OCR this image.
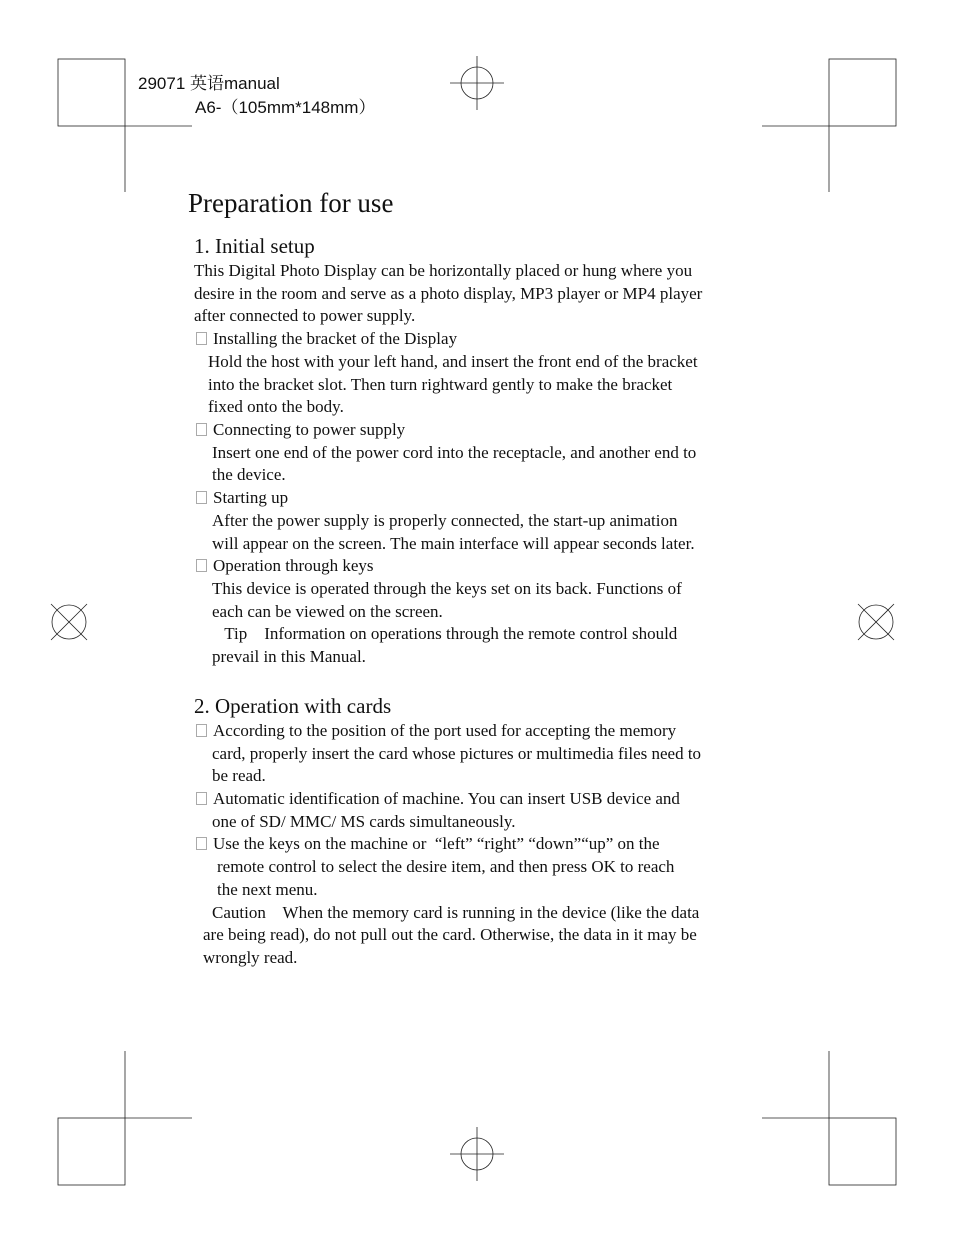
29071 英语manual
A6-（105mm*148mm）
Preparation for use
1. Initial setup
This Digital Photo Display can be horizontally placed or hung where you
desire in the room and serve as a photo display, MP3 player or MP4 player
after connected to power supply.
Installing the bracket of the Display
Hold the host with your left hand, and insert the front end of the bracket
into the bracket slot. Then turn rightward gently to make the bracket
fixed onto the body.
Connecting to power supply
Insert one end of the power cord into the receptacle, and another end to
the device.
Starting up
After the power supply is properly connected, the start-up animation
will appear on the screen. The main interface will appear seconds later.
Operation through keys
This device is operated through the keys set on its back. Functions of
each can be viewed on the screen.
Tip    Information on operations through the remote control should
prevail in this Manual.
2. Operation with cards
According to the position of the port used for accepting the memory
card, properly insert the card whose pictures or multimedia files need to
be read.
Automatic identification of machine. You can insert USB device and
one of SD/ MMC/ MS cards simultaneously.
Use the keys on the machine or  “left” “right” “down”“up” on the
remote control to select the desire item, and then press OK to reach
the next menu.
Caution    When the memory card is running in the device (like the data
are being read), do not pull out the card. Otherwise, the data in it may be
wrongly read.
